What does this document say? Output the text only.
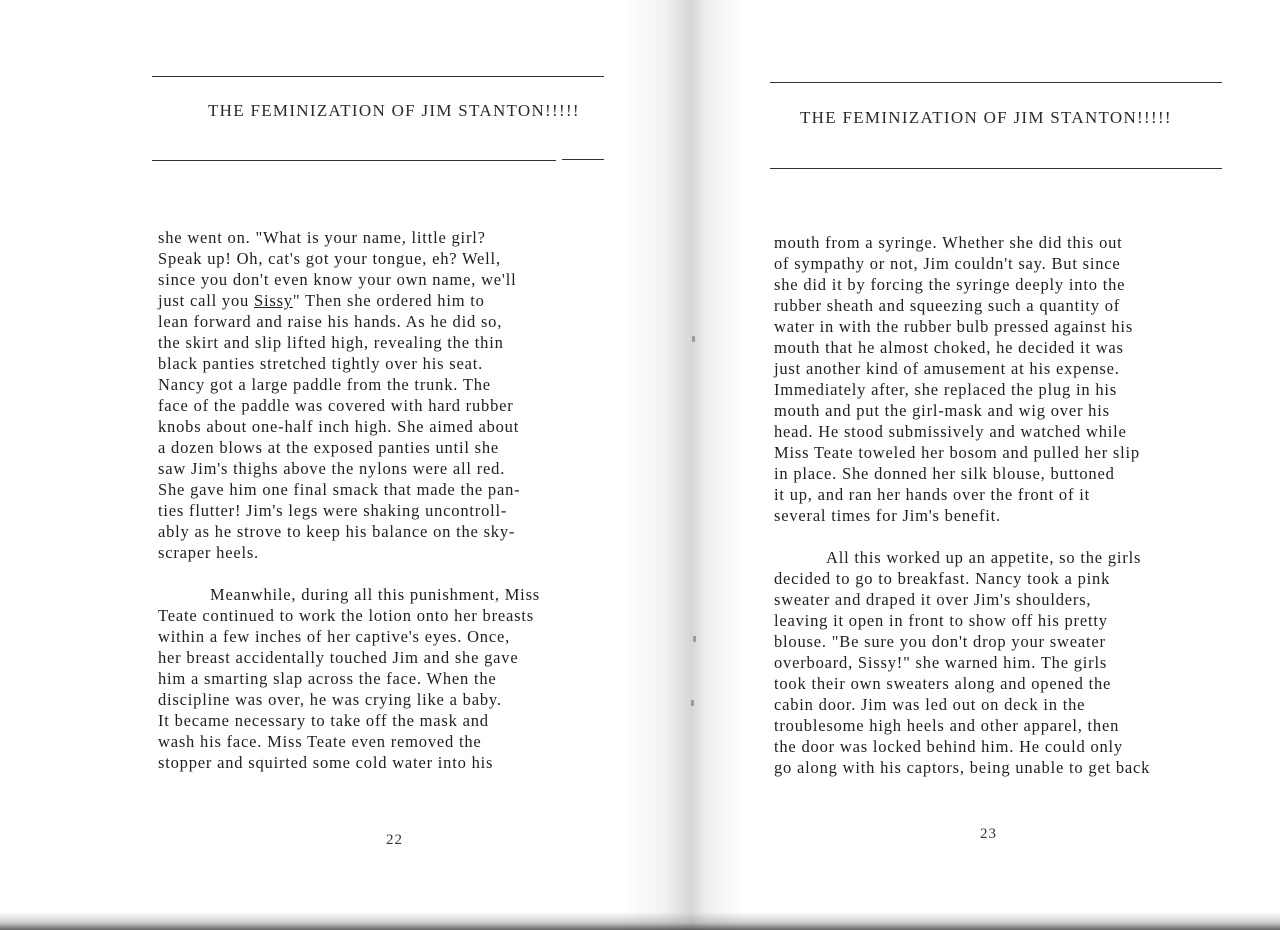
THE FEMINIZATION OF JIM STANTON!!!!!
she went on. "What is your name, little girl?
Speak up! Oh, cat's got your tongue, eh? Well,
since you don't even know your own name, we'll
just call you Sissy" Then she ordered him to
lean forward and raise his hands. As he did so,
the skirt and slip lifted high, revealing the thin
black panties stretched tightly over his seat.
Nancy got a large paddle from the trunk. The
face of the paddle was covered with hard rubber
knobs about one-half inch high. She aimed about
a dozen blows at the exposed panties until she
saw Jim's thighs above the nylons were all red.
She gave him one final smack that made the pan-
ties flutter! Jim's legs were shaking uncontroll-
ably as he strove to keep his balance on the sky-
scraper heels.
Meanwhile, during all this punishment, Miss
Teate continued to work the lotion onto her breasts
within a few inches of her captive's eyes. Once,
her breast accidentally touched Jim and she gave
him a smarting slap across the face. When the
discipline was over, he was crying like a baby.
It became necessary to take off the mask and
wash his face. Miss Teate even removed the
stopper and squirted some cold water into his
22
THE FEMINIZATION OF JIM STANTON!!!!!
mouth from a syringe. Whether she did this out
of sympathy or not, Jim couldn't say. But since
she did it by forcing the syringe deeply into the
rubber sheath and squeezing such a quantity of
water in with the rubber bulb pressed against his
mouth that he almost choked, he decided it was
just another kind of amusement at his expense.
Immediately after, she replaced the plug in his
mouth and put the girl-mask and wig over his
head. He stood submissively and watched while
Miss Teate toweled her bosom and pulled her slip
in place. She donned her silk blouse, buttoned
it up, and ran her hands over the front of it
several times for Jim's benefit.
All this worked up an appetite, so the girls
decided to go to breakfast. Nancy took a pink
sweater and draped it over Jim's shoulders,
leaving it open in front to show off his pretty
blouse. "Be sure you don't drop your sweater
overboard, Sissy!" she warned him. The girls
took their own sweaters along and opened the
cabin door. Jim was led out on deck in the
troublesome high heels and other apparel, then
the door was locked behind him. He could only
go along with his captors, being unable to get back
23
